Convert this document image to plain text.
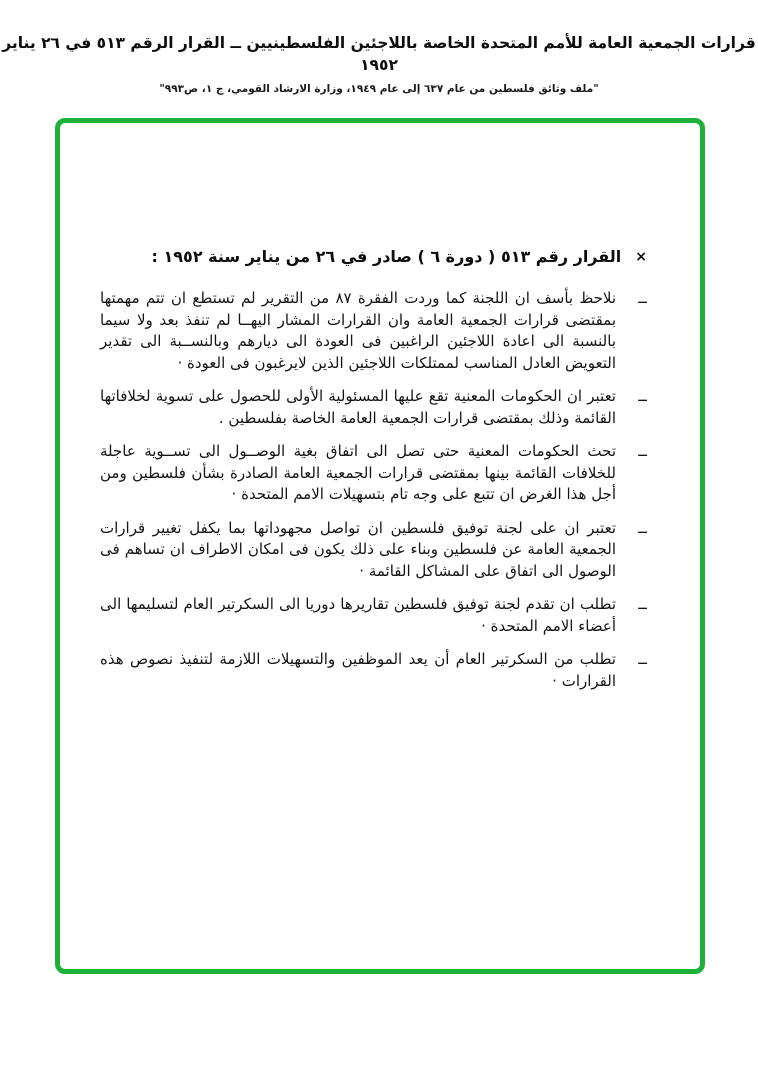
قرارات الجمعية العامة للأمم المتحدة الخاصة باللاجئين الفلسطينيين ــ القرار الرقم ٥١٣ في ٢٦ يناير ١٩٥٢
"ملف وثائق فلسطين من عام ٦٣٧ إلى عام ١٩٤٩، وزارة الارشاد القومي، ج ١، ص٩٩٣"
×
القرار رقم ٥١٣ ( دورة ٦ ) صادر في ٢٦ من يناير سنة ١٩٥٢ :
ــ
نلاحظ بأسف ان اللجنة كما وردت الفقرة ٨٧ من التقرير لم تستطع ان تتم مهمتها بمقتضى قرارات الجمعية العامة وان القرارات المشار اليهــا لم تنفذ بعد ولا سيما بالنسبة الى اعادة اللاجئين الراغبين فى العودة الى ديارهم وبالنســبة الى تقدير التعويض العادل المناسب لممتلكات اللاجئين الذين لايرغبون فى العودة ·
ــ
تعتبر ان الحكومات المعنية تقع عليها المسئولية الأولى للحصول على تسوية لخلافاتها القائمة وذلك بمقتضى قرارات الجمعية العامة الخاصة بفلسطين .
ــ
تحث الحكومات المعنية حتى تصل الى اتفاق بغية الوصــول الى تســوية عاجلة للخلافات القائمة بينها بمقتضى قرارات الجمعية العامة الصادرة بشأن فلسطين ومن أجل هذا الغرض ان تتبع على وجه تام بتسهيلات الامم المتحدة ·
ــ
تعتبر ان على لجنة توفيق فلسطين ان تواصل مجهوداتها بما يكفل تغيير قرارات الجمعية العامة عن فلسطين وبناء على ذلك يكون فى امكان الاطراف ان تساهم فى الوصول الى اتفاق على المشاكل القائمة ·
ــ
تطلب ان تقدم لجنة توفيق فلسطين تقاريرها دوريا الى السكرتير العام لتسليمها الى أعضاء الامم المتحدة ·
ــ
تطلب من السكرتير العام أن يعد الموظفين والتسهيلات اللازمة لتنفيذ نصوص هذه القرارات ·
